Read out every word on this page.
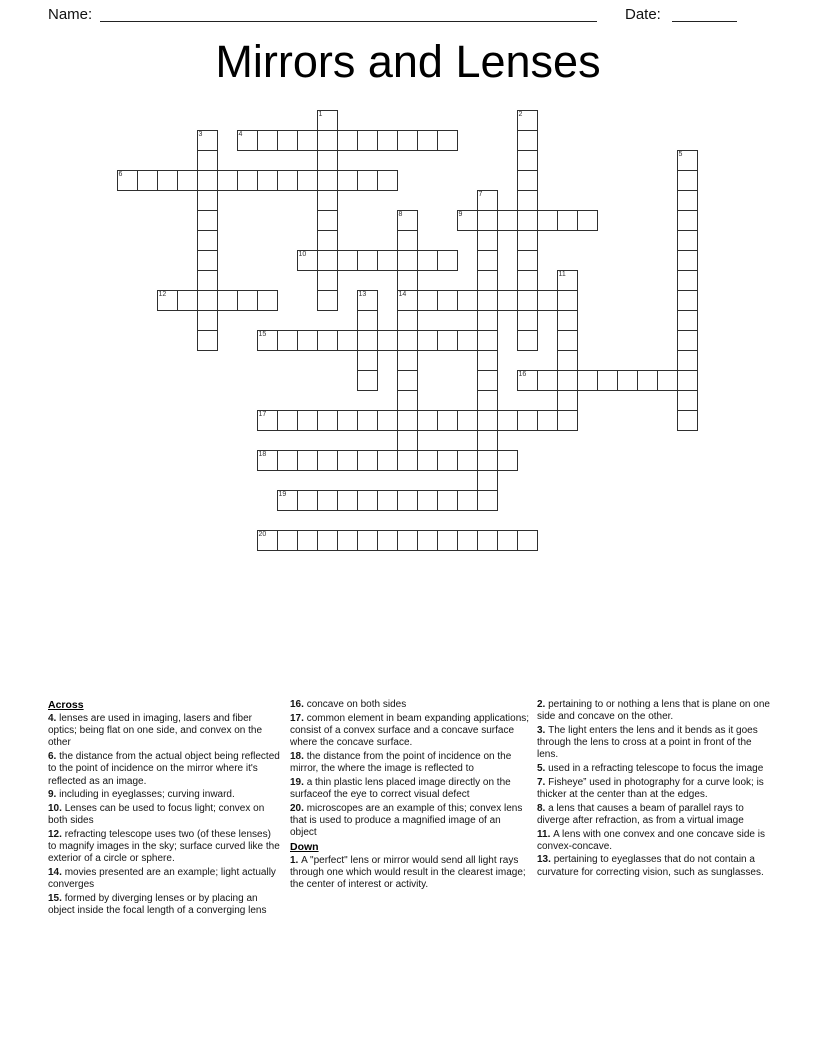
Name:	Date:
Mirrors and Lenses
1	2
3	4
5
6
7
8
14
9
10
11
12	13
15
16
17
18
19
20
Across
4. lenses are used in imaging, lasers and fiber optics; being flat on one side, and convex on the other
6. the distance from the actual object being reflected to the point of incidence on the mirror where it's reflected as an image.
9. including in eyeglasses; curving inward.
10. Lenses can be used to focus light; convex on both sides
12. refracting telescope uses two (of these lenses) to magnify images in the sky; surface curved like the exterior of a circle or sphere.
14. movies presented are an example; light actually converges
15. formed by diverging lenses or by placing an object inside the focal length of a converging lens
16. concave on both sides
17. common element in beam expanding applications; consist of a convex surface and a concave surface where the concave surface.
18. the distance from the point of incidence on the mirror, the where the image is reflected to
19. a thin plastic lens placed image directly on the surfaceof the eye to correct visual defect
20. microscopes are an example of this; convex lens that is used to produce a magnified image of an object
Down
1. A "perfect" lens or mirror would send all light rays through one which would result in the clearest image; the center of interest or activity.
2. pertaining to or nothing a lens that is plane on one side and concave on the other.
3. The light enters the lens and it bends as it goes through the lens to cross at a point in front of the lens.
5. used in a refracting telescope to focus the image
7. Fisheye” used in photography for a curve look; is thicker at the center than at the edges.
8. a lens that causes a beam of parallel rays to diverge after refraction, as from a virtual image
11. A lens with one convex and one concave side is convex-concave.
13. pertaining to eyeglasses that do not contain a curvature for correcting vision, such as sunglasses.
